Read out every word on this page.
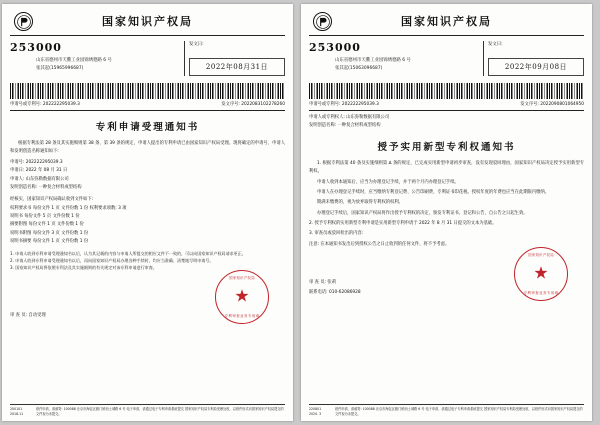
国家知识产权局
253000
山东省德州市天衢工业园锦绣德路 6 号
张其起(15965996687)
发文日:
2022年08月31日
申请号或专利号: 202222295039.3	发文序号: 2022083102278260
专利申请受理通知书
根据专利法第 28 条及其实施细则第 38 条、第 39 条的规定，申请人提出的专利申请已由国家知识产权局受理。现将确定的申请号、申请人和发明创造名称通知如下:
申请号: 202222295039.3
申请日: 2022 年 08 月 31 日
申请人: 山东弥勒数据有限公司
发明创造名称: 一种复合材料成型结构
经核实，国家知识产权局确认收到文件如下:
权利要求书 每份文件 1 页 文件份数 1 份 权利要求项数: 3 项
说明书 每份文件 5 页 文件份数 1 份
摘要附图 每份文件 1 页 文件份数 1 份
说明书附图 每份文件 3 页 文件份数 1 份
说明书摘要 每份文件 1 页 文件份数 1 份
1. 申请人收到专利申请受理通知书以后，认为其记载的内容与申请人所提交的相应文件不一致的，可以向国家知识产权局请求更正。
2. 申请人收到专利申请受理通知书以后，再向国家知识产权局办理各种手续时，均应当准确、清楚地写明申请号。
3. 国家知识产权局将依照专利法及其实施细则的有关规定对该专利申请进行审查。
审 查 员: 自动受理
国家知识产权局
★
专利审查业务专用章
200101
2018.11
纸件申请，请邮寄: 100088 北京市海淀区蓟门桥西土城路 6 号 电子申请，请通过电子专利申请系统提交 国家知识产权局专利局受理处收，以纸件形式向国家知识产权局提交的文件视为未提交。
国家知识产权局
253000
山东省德州市天衢工业园锦绣德路 6 号
张其起(15063096687)
发文日:
2022年09月08日
申请号或专利号: 202222295039.3	发文序号: 2022090801064950
申请人或专利权人: 山东弥勒数据有限公司
发明创造名称: 一种复合材料成型结构
授予实用新型专利权通知书
1. 根据专利法第 40 条及实施细则第 ∆ 条的规定，已完成实用新型申请初步审查，没有发现驳回理由，国家知识产权局决定授予实用新型专利权。
申请人收到本通知后，应当为办理登记手续，并于两个月内办理登记手续。
申请人在办理登记手续时，应当缴纳专利登记费、公告印刷费、专利证书印花税。授权年度的年费也应当在此期限内缴纳。
期满未缴费的，视为放弃取得专利权的权利。
办理登记手续后，国家知识产权局将作出授予专利权的决定，颁发专利证书，登记和公告，自公告之日起生效。
2. 授予专利权的实用新型专利申请是实用新型专利申请于 2022 年 8 月 31 日提交的文本为基础。
3. 审查员或驳回检出的内容:
注意: 在本通知书发出后到授权公告之日止收到的任何文件，将不予考虑。
审 查 员: 张莉
联系电话: 010-62086928
国家知识产权局
★
专利审查业务专用章
220801
2020. 3
纸件申请，请邮寄: 100088 北京市海淀区蓟门桥西土城路 6 号 电子申请，请通过电子专利申请系统提交 国家知识产权局专利局受理处收，以纸件形式向国家知识产权局提交的文件视为未提交。
